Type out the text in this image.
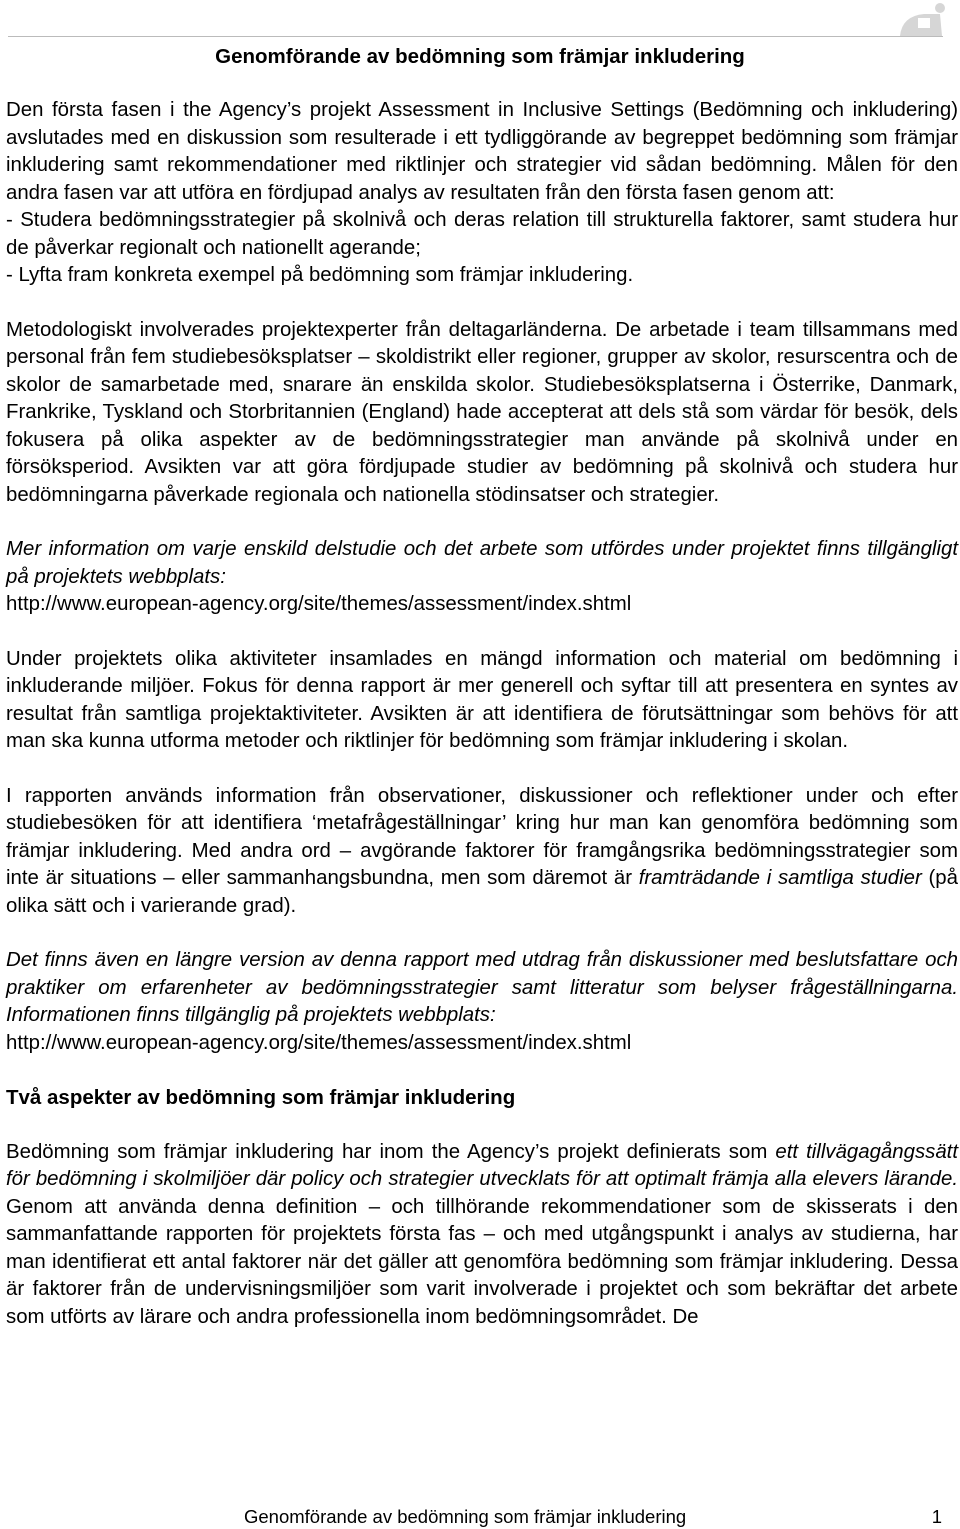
Genomförande av bedömning som främjar inkludering

Den första fasen i the Agency’s projekt Assessment in Inclusive Settings (Bedömning och inkludering) avslutades med en diskussion som resulterade i ett tydliggörande av begreppet bedömning som främjar inkludering samt rekommendationer med riktlinjer och strategier vid sådan bedömning. Målen för den andra fasen var att utföra en fördjupad analys av resultaten från den första fasen genom att:
- Studera bedömningsstrategier på skolnivå och deras relation till strukturella faktorer, samt studera hur de påverkar regionalt och nationellt agerande;
- Lyfta fram konkreta exempel på bedömning som främjar inkludering.

Metodologiskt involverades projektexperter från deltagarländerna. De arbetade i team tillsammans med personal från fem studiebesöksplatser – skoldistrikt eller regioner, grupper av skolor, resurscentra och de skolor de samarbetade med, snarare än enskilda skolor. Studiebesöksplatserna i Österrike, Danmark, Frankrike, Tyskland och Storbritannien (England) hade accepterat att dels stå som värdar för besök, dels fokusera på olika aspekter av de bedömningsstrategier man använde på skolnivå under en försöksperiod. Avsikten var att göra fördjupade studier av bedömning på skolnivå och studera hur bedömningarna påverkade regionala och nationella stödinsatser och strategier.

Mer information om varje enskild delstudie och det arbete som utfördes under projektet finns tillgängligt på projektets webbplats:
http://www.european-agency.org/site/themes/assessment/index.shtml

Under projektets olika aktiviteter insamlades en mängd information och material om bedömning i inkluderande miljöer. Fokus för denna rapport är mer generell och syftar till att presentera en syntes av resultat från samtliga projektaktiviteter. Avsikten är att identifiera de förutsättningar som behövs för att man ska kunna utforma metoder och riktlinjer för bedömning som främjar inkludering i skolan.

I rapporten används information från observationer, diskussioner och reflektioner under och efter studiebesöken för att identifiera ‘metafrågeställningar’ kring hur man kan genomföra bedömning som främjar inkludering. Med andra ord – avgörande faktorer för framgångsrika bedömningsstrategier som inte är situations – eller sammanhangsbundna, men som däremot är framträdande i samtliga studier (på olika sätt och i varierande grad).

Det finns även en längre version av denna rapport med utdrag från diskussioner med beslutsfattare och praktiker om erfarenheter av bedömningsstrategier samt litteratur som belyser frågeställningarna. Informationen finns tillgänglig på projektets webbplats:
http://www.european-agency.org/site/themes/assessment/index.shtml

Två aspekter av bedömning som främjar inkludering

Bedömning som främjar inkludering har inom the Agency’s projekt definierats som ett tillvägagångssätt för bedömning i skolmiljöer där policy och strategier utvecklats för att optimalt främja alla elevers lärande. Genom att använda denna definition – och tillhörande rekommendationer som de skisserats i den sammanfattande rapporten för projektets första fas – och med utgångspunkt i analys av studierna, har man identifierat ett antal faktorer när det gäller att genomföra bedömning som främjar inkludering. Dessa är faktorer från de undervisningsmiljöer som varit involverade i projektet och som bekräftar det arbete som utförts av lärare och andra professionella inom bedömningsområdet. De

Genomförande av bedömning som främjar inkludering	1
